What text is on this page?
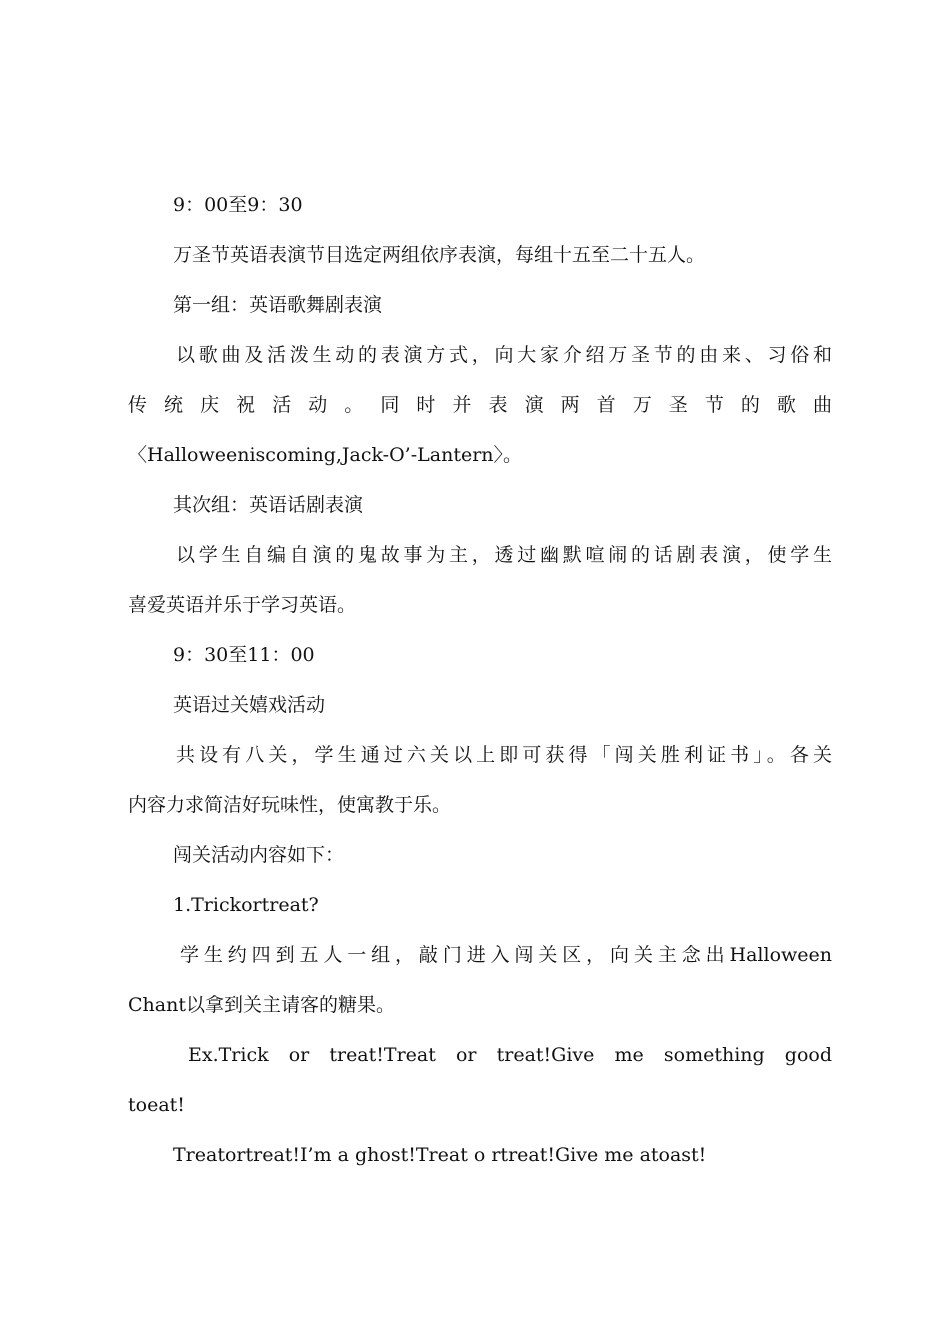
9：00至9：30

万圣节英语表演节目选定两组依序表演，每组十五至二十五人。

第一组：英语歌舞剧表演

以歌曲及活泼生动的表演方式，向大家介绍万圣节的由来、习俗和

传统庆祝活动。同时并表演两首万圣节的歌曲

〈Halloweeniscoming,Jack-O’-Lantern〉。

其次组：英语话剧表演

以学生自编自演的鬼故事为主，透过幽默喧闹的话剧表演，使学生

喜爱英语并乐于学习英语。

9：30至11：00

英语过关嬉戏活动

共设有八关，学生通过六关以上即可获得「闯关胜利证书」。各关

内容力求简洁好玩味性，使寓教于乐。

闯关活动内容如下：

1.Trickortreat?

学生约四到五人一组，敲门进入闯关区，向关主念出Halloween

Chant以拿到关主请客的糖果。

Ex.Trick or treat!Treat or treat!Give me something good

toeat!

Treatortreat!I’m a ghost!Treat o rtreat!Give me atoast!
